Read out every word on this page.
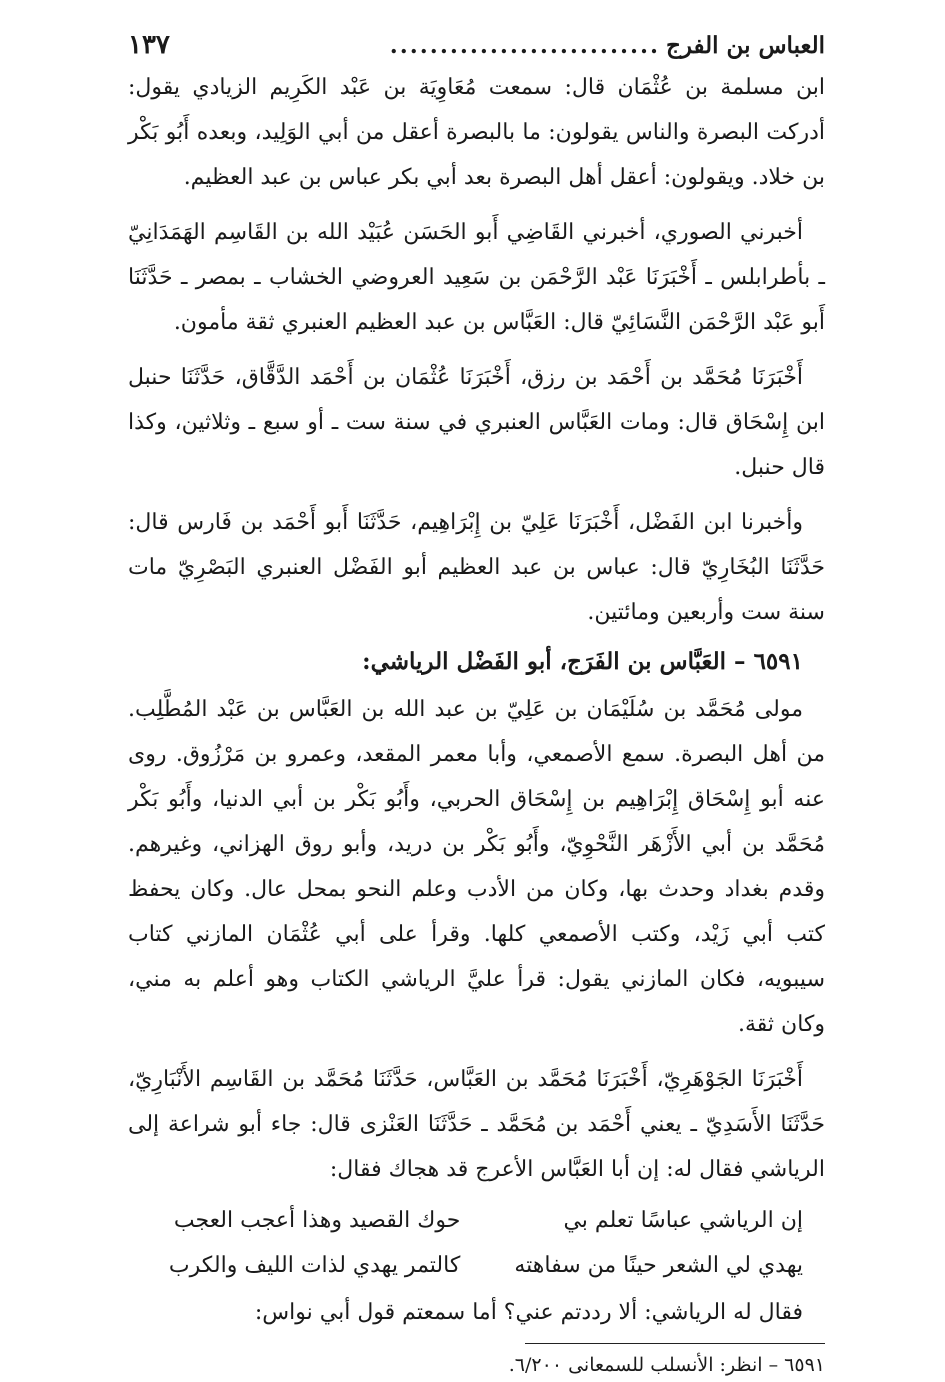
العباس بن الفرج
...........................
١٣٧

ابن مسلمة بن عُثْمَان قال: سمعت مُعَاوِيَة بن عَبْد الكَرِيم الزيادي يقول: أدركت البصرة والناس يقولون: ما بالبصرة أعقل من أبي الوَلِيد، وبعده أَبُو بَكْر بن خلاد. ويقولون: أعقل أهل البصرة بعد أبي بكر عباس بن عبد العظيم.

أخبرني الصوري، أخبرني القَاضِي أَبو الحَسَن عُبَيْد الله بن القَاسِم الهَمَدَانِيّ ـ بأطرابلس ـ أَخْبَرَنَا عَبْد الرَّحْمَن بن سَعِيد العروضي الخشاب ـ بمصر ـ حَدَّثَنَا أَبو عَبْد الرَّحْمَن النَّسَائِيّ قال: العَبَّاس بن عبد العظيم العنبري ثقة مأمون.

أَخْبَرَنَا مُحَمَّد بن أَحْمَد بن رزق، أَخْبَرَنَا عُثْمَان بن أَحْمَد الدَّقَّاق، حَدَّثَنَا حنبل ابن إِسْحَاق قال: ومات العَبَّاس العنبري في سنة ست ـ أو سبع ـ وثلاثين، وكذا قال حنبل.

وأخبرنا ابن الفَضْل، أَخْبَرَنَا عَلِيّ بن إِبْرَاهِيم، حَدَّثَنَا أَبو أَحْمَد بن فَارس قال: حَدَّثَنَا البُخَارِيّ قال: عباس بن عبد العظيم أبو الفَضْل العنبري البَصْرِيّ مات سنة ست وأربعين ومائتين.

٦٥٩١ – العَبَّاس بن الفَرَج، أبو الفَضْل الرياشي:

مولى مُحَمَّد بن سُلَيْمَان بن عَلِيّ بن عبد الله بن العَبَّاس بن عَبْد المُطَّلِب. من أهل البصرة. سمع الأصمعي، وأبا معمر المقعد، وعمرو بن مَرْزُوق. روى عنه أبو إِسْحَاق إِبْرَاهِيم بن إِسْحَاق الحربي، وأَبُو بَكْر بن أبي الدنيا، وأَبُو بَكْر مُحَمَّد بن أبي الأَزْهَر النَّحْوِيّ، وأَبُو بَكْر بن دريد، وأبو روق الهزاني، وغيرهم. وقدم بغداد وحدث بها، وكان من الأدب وعلم النحو بمحل عال. وكان يحفظ كتب أبي زَيْد، وكتب الأصمعي كلها. وقرأ على أبي عُثْمَان المازني كتاب سيبويه، فكان المازني يقول: قرأ عليَّ الرياشي الكتاب وهو أعلم به مني، وكان ثقة.

أَخْبَرَنَا الجَوْهَرِيّ، أَخْبَرَنَا مُحَمَّد بن العَبَّاس، حَدَّثَنَا مُحَمَّد بن القَاسِم الأَنْبَارِيّ، حَدَّثَنَا الأَسَدِيّ ـ يعني أَحْمَد بن مُحَمَّد ـ حَدَّثَنَا العَنْزى قال: جاء أبو شراعة إلى الرياشي فقال له: إن أبا العَبَّاس الأعرج قد هجاك فقال:

إن الرياشي عباسًا تعلم بي
حوك القصيد وهذا أعجب العجب
يهدي لي الشعر حينًا من سفاهته
كالتمر يهدي لذات الليف والكرب

فقال له الرياشي: ألا رددتم عني؟ أما سمعتم قول أبي نواس:

٦٥٩١ – انظر: الأنسلب للسمعانى ٦/٢٠٠.
